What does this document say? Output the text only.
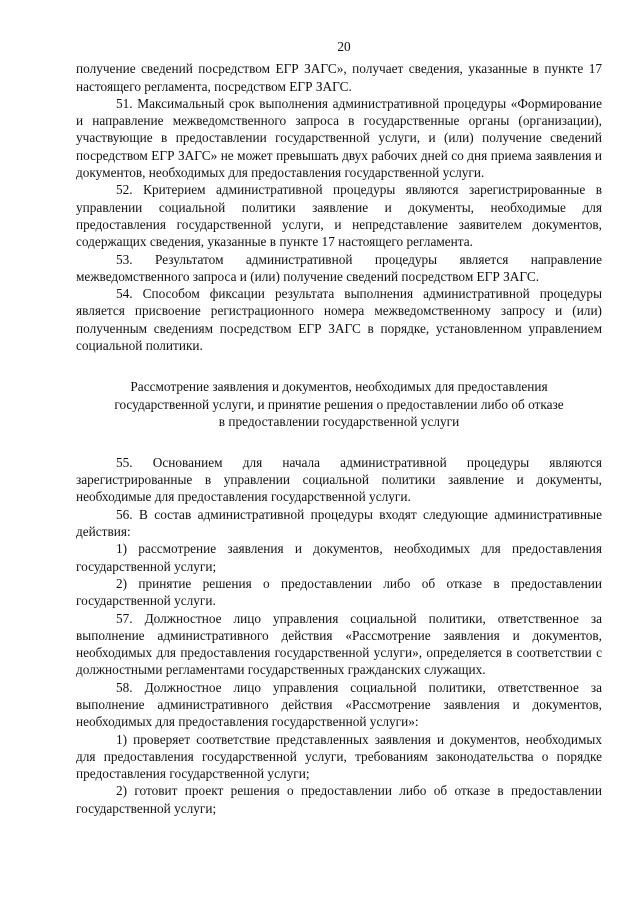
20

получение сведений посредством ЕГР ЗАГС», получает сведения, указанные в пункте 17 настоящего регламента, посредством ЕГР ЗАГС.

51. Максимальный срок выполнения административной процедуры «Формирование и направление межведомственного запроса в государственные органы (организации), участвующие в предоставлении государственной услуги, и (или) получение сведений посредством ЕГР ЗАГС» не может превышать двух рабочих дней со дня приема заявления и документов, необходимых для предоставления государственной услуги.

52. Критерием административной процедуры являются зарегистрированные в управлении социальной политики заявление и документы, необходимые для предоставления государственной услуги, и непредставление заявителем документов, содержащих сведения, указанные в пункте 17 настоящего регламента.

53. Результатом административной процедуры является направление межведомственного запроса и (или) получение сведений посредством ЕГР ЗАГС.

54. Способом фиксации результата выполнения административной процедуры является присвоение регистрационного номера межведомственному запросу и (или) полученным сведениям посредством ЕГР ЗАГС в порядке, установленном управлением социальной политики.

Рассмотрение заявления и документов, необходимых для предоставления
государственной услуги, и принятие решения о предоставлении либо об отказе
в предоставлении государственной услуги

55. Основанием для начала административной процедуры являются зарегистрированные в управлении социальной политики заявление и документы, необходимые для предоставления государственной услуги.

56. В состав административной процедуры входят следующие административные действия:

1) рассмотрение заявления и документов, необходимых для предоставления государственной услуги;

2) принятие решения о предоставлении либо об отказе в предоставлении государственной услуги.

57. Должностное лицо управления социальной политики, ответственное за выполнение административного действия «Рассмотрение заявления и документов, необходимых для предоставления государственной услуги», определяется в соответствии с должностными регламентами государственных гражданских служащих.

58. Должностное лицо управления социальной политики, ответственное за выполнение административного действия «Рассмотрение заявления и документов, необходимых для предоставления государственной услуги»:

1) проверяет соответствие представленных заявления и документов, необходимых для предоставления государственной услуги, требованиям законодательства о порядке предоставления государственной услуги;

2) готовит проект решения о предоставлении либо об отказе в предоставлении государственной услуги;
